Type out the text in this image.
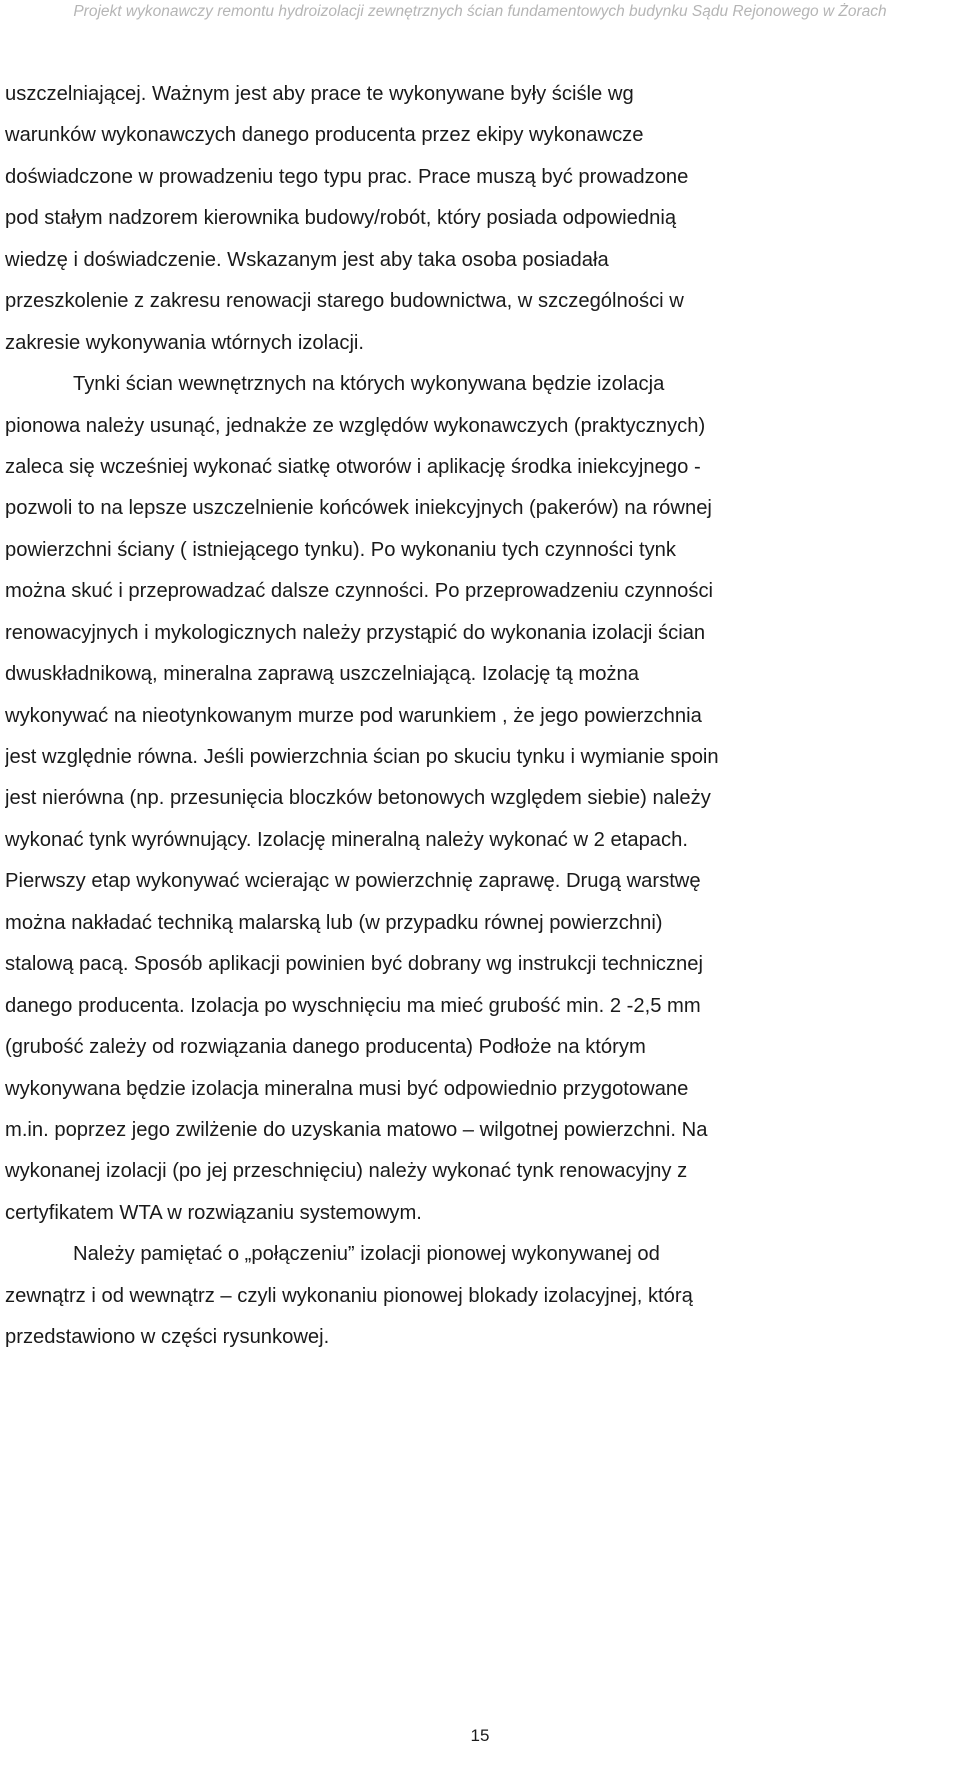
Projekt wykonawczy remontu hydroizolacji zewnętrznych ścian fundamentowych budynku Sądu Rejonowego w Żorach

uszczelniającej. Ważnym jest aby prace te wykonywane były ściśle wg

warunków wykonawczych danego producenta przez ekipy wykonawcze

doświadczone w prowadzeniu tego typu prac. Prace muszą być prowadzone

pod stałym nadzorem kierownika budowy/robót, który posiada odpowiednią

wiedzę i doświadczenie. Wskazanym jest aby taka osoba posiadała

przeszkolenie z zakresu renowacji starego budownictwa, w szczególności w

zakresie wykonywania wtórnych izolacji.

Tynki ścian wewnętrznych na których wykonywana będzie izolacja

pionowa należy usunąć, jednakże ze względów wykonawczych (praktycznych)

zaleca się wcześniej wykonać siatkę otworów i aplikację środka iniekcyjnego -

pozwoli to na lepsze uszczelnienie końcówek iniekcyjnych (pakerów) na równej

powierzchni ściany ( istniejącego tynku). Po wykonaniu tych czynności tynk

można skuć i przeprowadzać dalsze czynności. Po przeprowadzeniu czynności

renowacyjnych i mykologicznych należy przystąpić do wykonania izolacji ścian

dwuskładnikową, mineralna zaprawą uszczelniającą. Izolację tą można

wykonywać na nieotynkowanym murze pod warunkiem , że jego powierzchnia

jest względnie równa. Jeśli powierzchnia ścian po skuciu tynku i wymianie spoin

jest nierówna (np. przesunięcia bloczków betonowych względem siebie) należy

wykonać tynk wyrównujący. Izolację mineralną należy wykonać w 2 etapach.

Pierwszy etap wykonywać wcierając w powierzchnię zaprawę. Drugą warstwę

można nakładać techniką malarską lub (w przypadku równej powierzchni)

stalową pacą. Sposób aplikacji powinien być dobrany wg instrukcji technicznej

danego producenta. Izolacja po wyschnięciu ma mieć grubość min. 2 -2,5 mm

(grubość zależy od rozwiązania danego producenta) Podłoże na którym

wykonywana będzie izolacja mineralna musi być odpowiednio przygotowane

m.in. poprzez jego zwilżenie do uzyskania matowo – wilgotnej powierzchni. Na

wykonanej izolacji (po jej przeschnięciu) należy wykonać tynk renowacyjny z

certyfikatem WTA w rozwiązaniu systemowym.

Należy pamiętać o „połączeniu” izolacji pionowej wykonywanej od

zewnątrz i od wewnątrz – czyli wykonaniu pionowej blokady izolacyjnej, którą

przedstawiono w części rysunkowej.

15
